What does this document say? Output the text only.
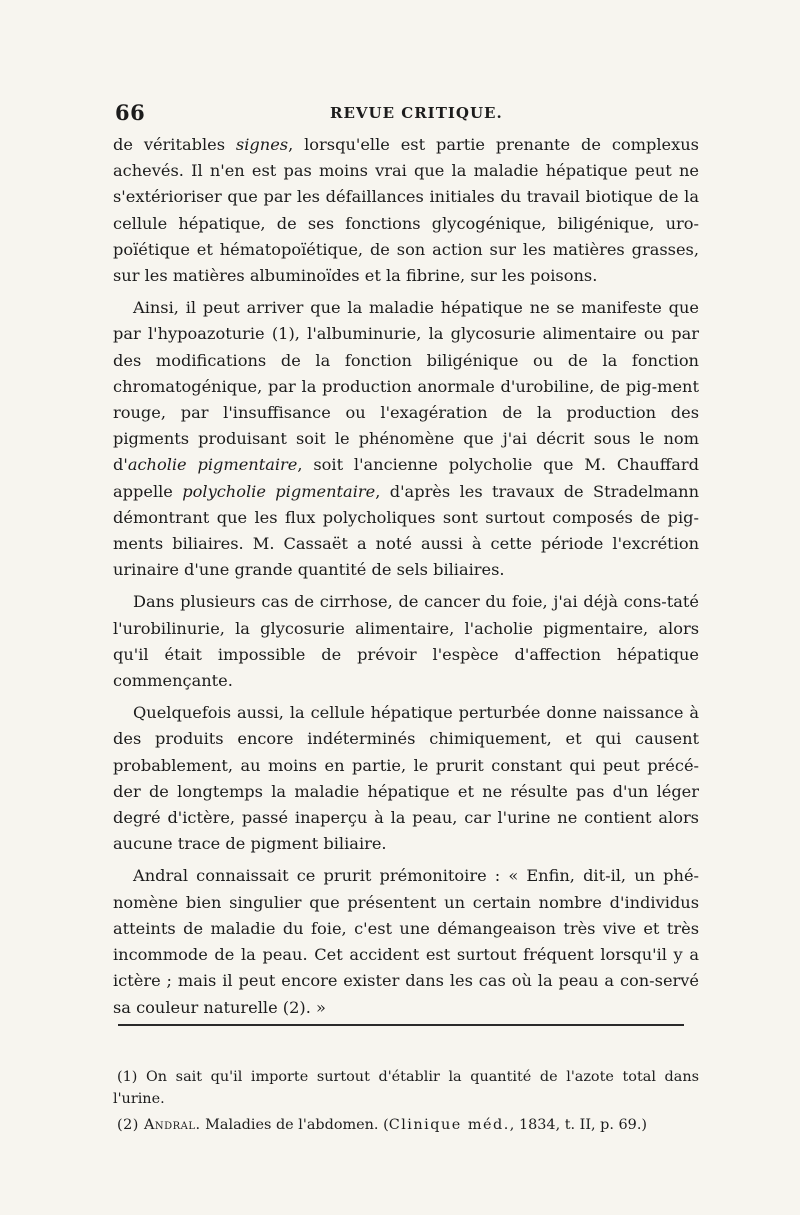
66	REVUE CRITIQUE.

de véritables signes, lorsqu'elle est partie prenante de complexus achevés. Il n'en est pas moins vrai que la maladie hépatique peut ne s'extérioriser que par les défaillances initiales du travail biotique de la cellule hépatique, de ses fonctions glycogénique, biligénique, uro-poïétique et hématopoïétique, de son action sur les matières grasses, sur les matières albuminoïdes et la fibrine, sur les poisons.

Ainsi, il peut arriver que la maladie hépatique ne se manifeste que par l'hypoazoturie (1), l'albuminurie, la glycosurie alimentaire ou par des modifications de la fonction biligénique ou de la fonction chromatogénique, par la production anormale d'urobiline, de pig-ment rouge, par l'insuffisance ou l'exagération de la production des pigments produisant soit le phénomène que j'ai décrit sous le nom d'acholie pigmentaire, soit l'ancienne polycholie que M. Chauffard appelle polycholie pigmentaire, d'après les travaux de Stradelmann démontrant que les flux polycholiques sont surtout composés de pig-ments biliaires. M. Cassaët a noté aussi à cette période l'excrétion urinaire d'une grande quantité de sels biliaires.

Dans plusieurs cas de cirrhose, de cancer du foie, j'ai déjà cons-taté l'urobilinurie, la glycosurie alimentaire, l'acholie pigmentaire, alors qu'il était impossible de prévoir l'espèce d'affection hépatique commençante.

Quelquefois aussi, la cellule hépatique perturbée donne naissance à des produits encore indéterminés chimiquement, et qui causent probablement, au moins en partie, le prurit constant qui peut précé-der de longtemps la maladie hépatique et ne résulte pas d'un léger degré d'ictère, passé inaperçu à la peau, car l'urine ne contient alors aucune trace de pigment biliaire.

Andral connaissait ce prurit prémonitoire : « Enfin, dit-il, un phé-nomène bien singulier que présentent un certain nombre d'individus atteints de maladie du foie, c'est une démangeaison très vive et très incommode de la peau. Cet accident est surtout fréquent lorsqu'il y a ictère ; mais il peut encore exister dans les cas où la peau a con-servé sa couleur naturelle (2). »

(1) On sait qu'il importe surtout d'établir la quantité de l'azote total dans l'urine.

(2) Andral. Maladies de l'abdomen. (Clinique méd., 1834, t. II, p. 69.)
